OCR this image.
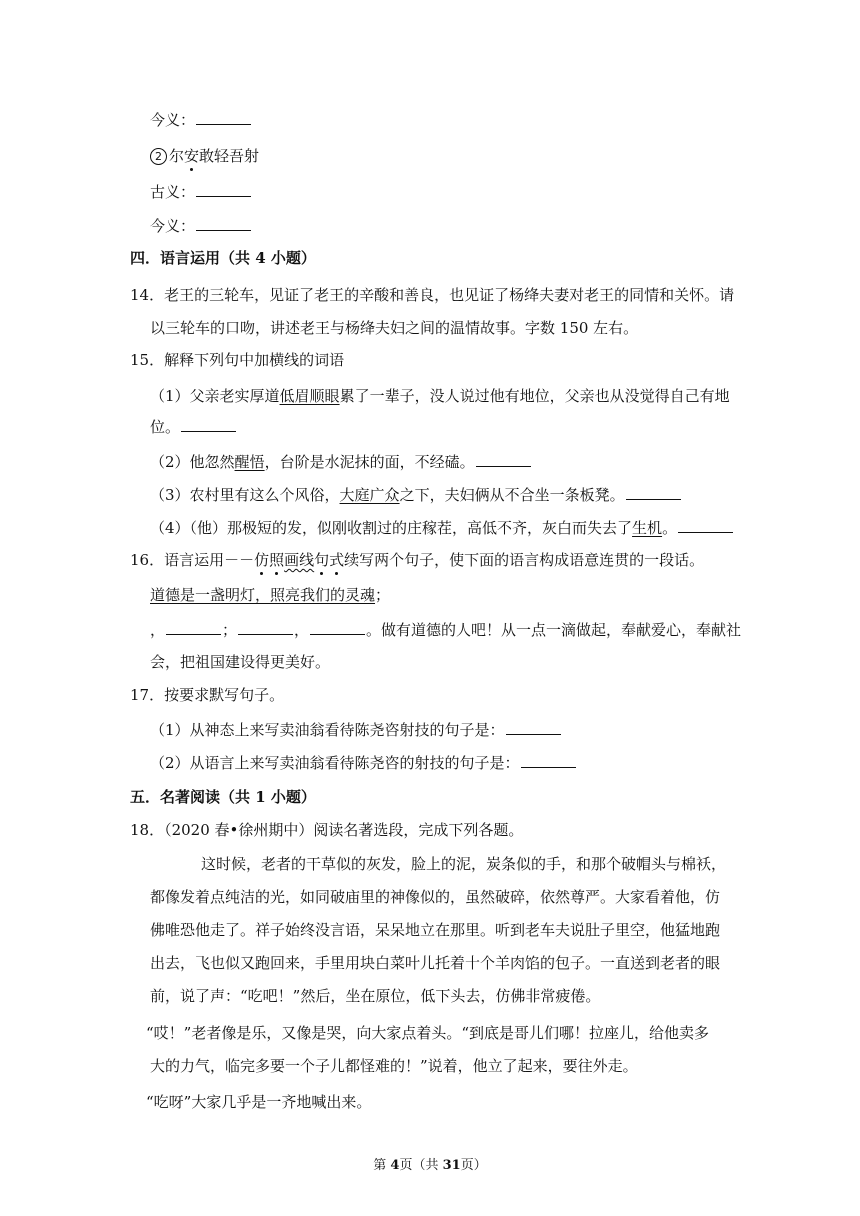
今义：
2 尔安敢轻吾射
古义：
今义：
四．语言运用（共 4 小题）
14．老王的三轮车，见证了老王的辛酸和善良，也见证了杨绛夫妻对老王的同情和关怀。请
以三轮车的口吻，讲述老王与杨绛夫妇之间的温情故事。字数 150 左右。
15．解释下列句中加横线的词语
（1）父亲老实厚道低眉顺眼累了一辈子，没人说过他有地位，父亲也从没觉得自己有地
位。
（2）他忽然醒悟，台阶是水泥抹的面，不经磕。
（3）农村里有这么个风俗，大庭广众之下，夫妇俩从不合坐一条板凳。
（4）（他）那极短的发，似刚收割过的庄稼茬，高低不齐，灰白而失去了生机。
16．语言运用－－仿照画线句式续写两个句子，使下面的语言构成语意连贯的一段话。
道德是一盏明灯，照亮我们的灵魂；
，	；	，	。做有道德的人吧！从一点一滴做起，奉献爱心，奉献社
会，把祖国建设得更美好。
17．按要求默写句子。
（1）从神态上来写卖油翁看待陈尧咨射技的句子是：
（2）从语言上来写卖油翁看待陈尧咨的射技的句子是：
五．名著阅读（共 1 小题）
18．（2020 春•徐州期中）阅读名著选段，完成下列各题。
这时候，老者的干草似的灰发，脸上的泥，炭条似的手，和那个破帽头与棉袄，
都像发着点纯洁的光，如同破庙里的神像似的，虽然破碎，依然尊严。大家看着他，仿
佛唯恐他走了。祥子始终没言语，呆呆地立在那里。听到老车夫说肚子里空，他猛地跑
出去，飞也似又跑回来，手里用块白菜叶儿托着十个羊肉馅的包子。一直送到老者的眼
前，说了声：“吃吧！”然后，坐在原位，低下头去，仿佛非常疲倦。
“哎！”老者像是乐，又像是哭，向大家点着头。“到底是哥儿们哪！拉座儿，给他卖多
大的力气，临完多要一个子儿都怪难的！”说着，他立了起来，要往外走。
“吃呀”大家几乎是一齐地喊出来。
第 4页（共 31页）
